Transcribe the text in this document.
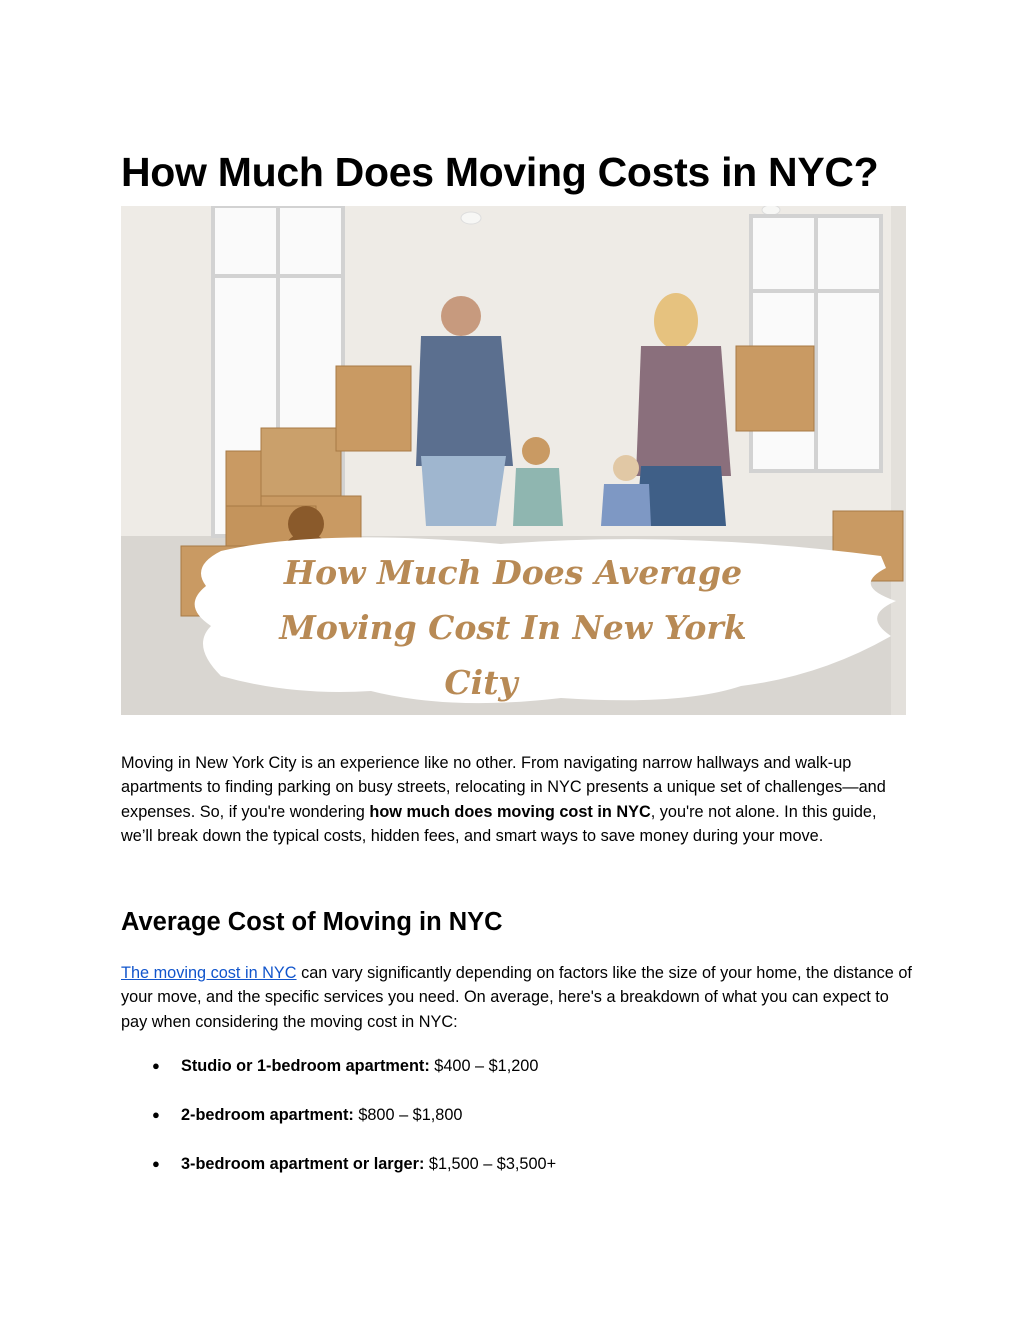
How Much Does Moving Costs in NYC?
How Much Does Average
Moving Cost In New York
City

Moving in New York City is an experience like no other. From navigating narrow hallways and walk-up apartments to finding parking on busy streets, relocating in NYC presents a unique set of challenges—and expenses. So, if you're wondering how much does moving cost in NYC, you're not alone. In this guide, we’ll break down the typical costs, hidden fees, and smart ways to save money during your move.

Average Cost of Moving in NYC

The moving cost in NYC can vary significantly depending on factors like the size of your home, the distance of your move, and the specific services you need. On average, here's a breakdown of what you can expect to pay when considering the moving cost in NYC:

● Studio or 1-bedroom apartment: $400 – $1,200
● 2-bedroom apartment: $800 – $1,800
● 3-bedroom apartment or larger: $1,500 – $3,500+
